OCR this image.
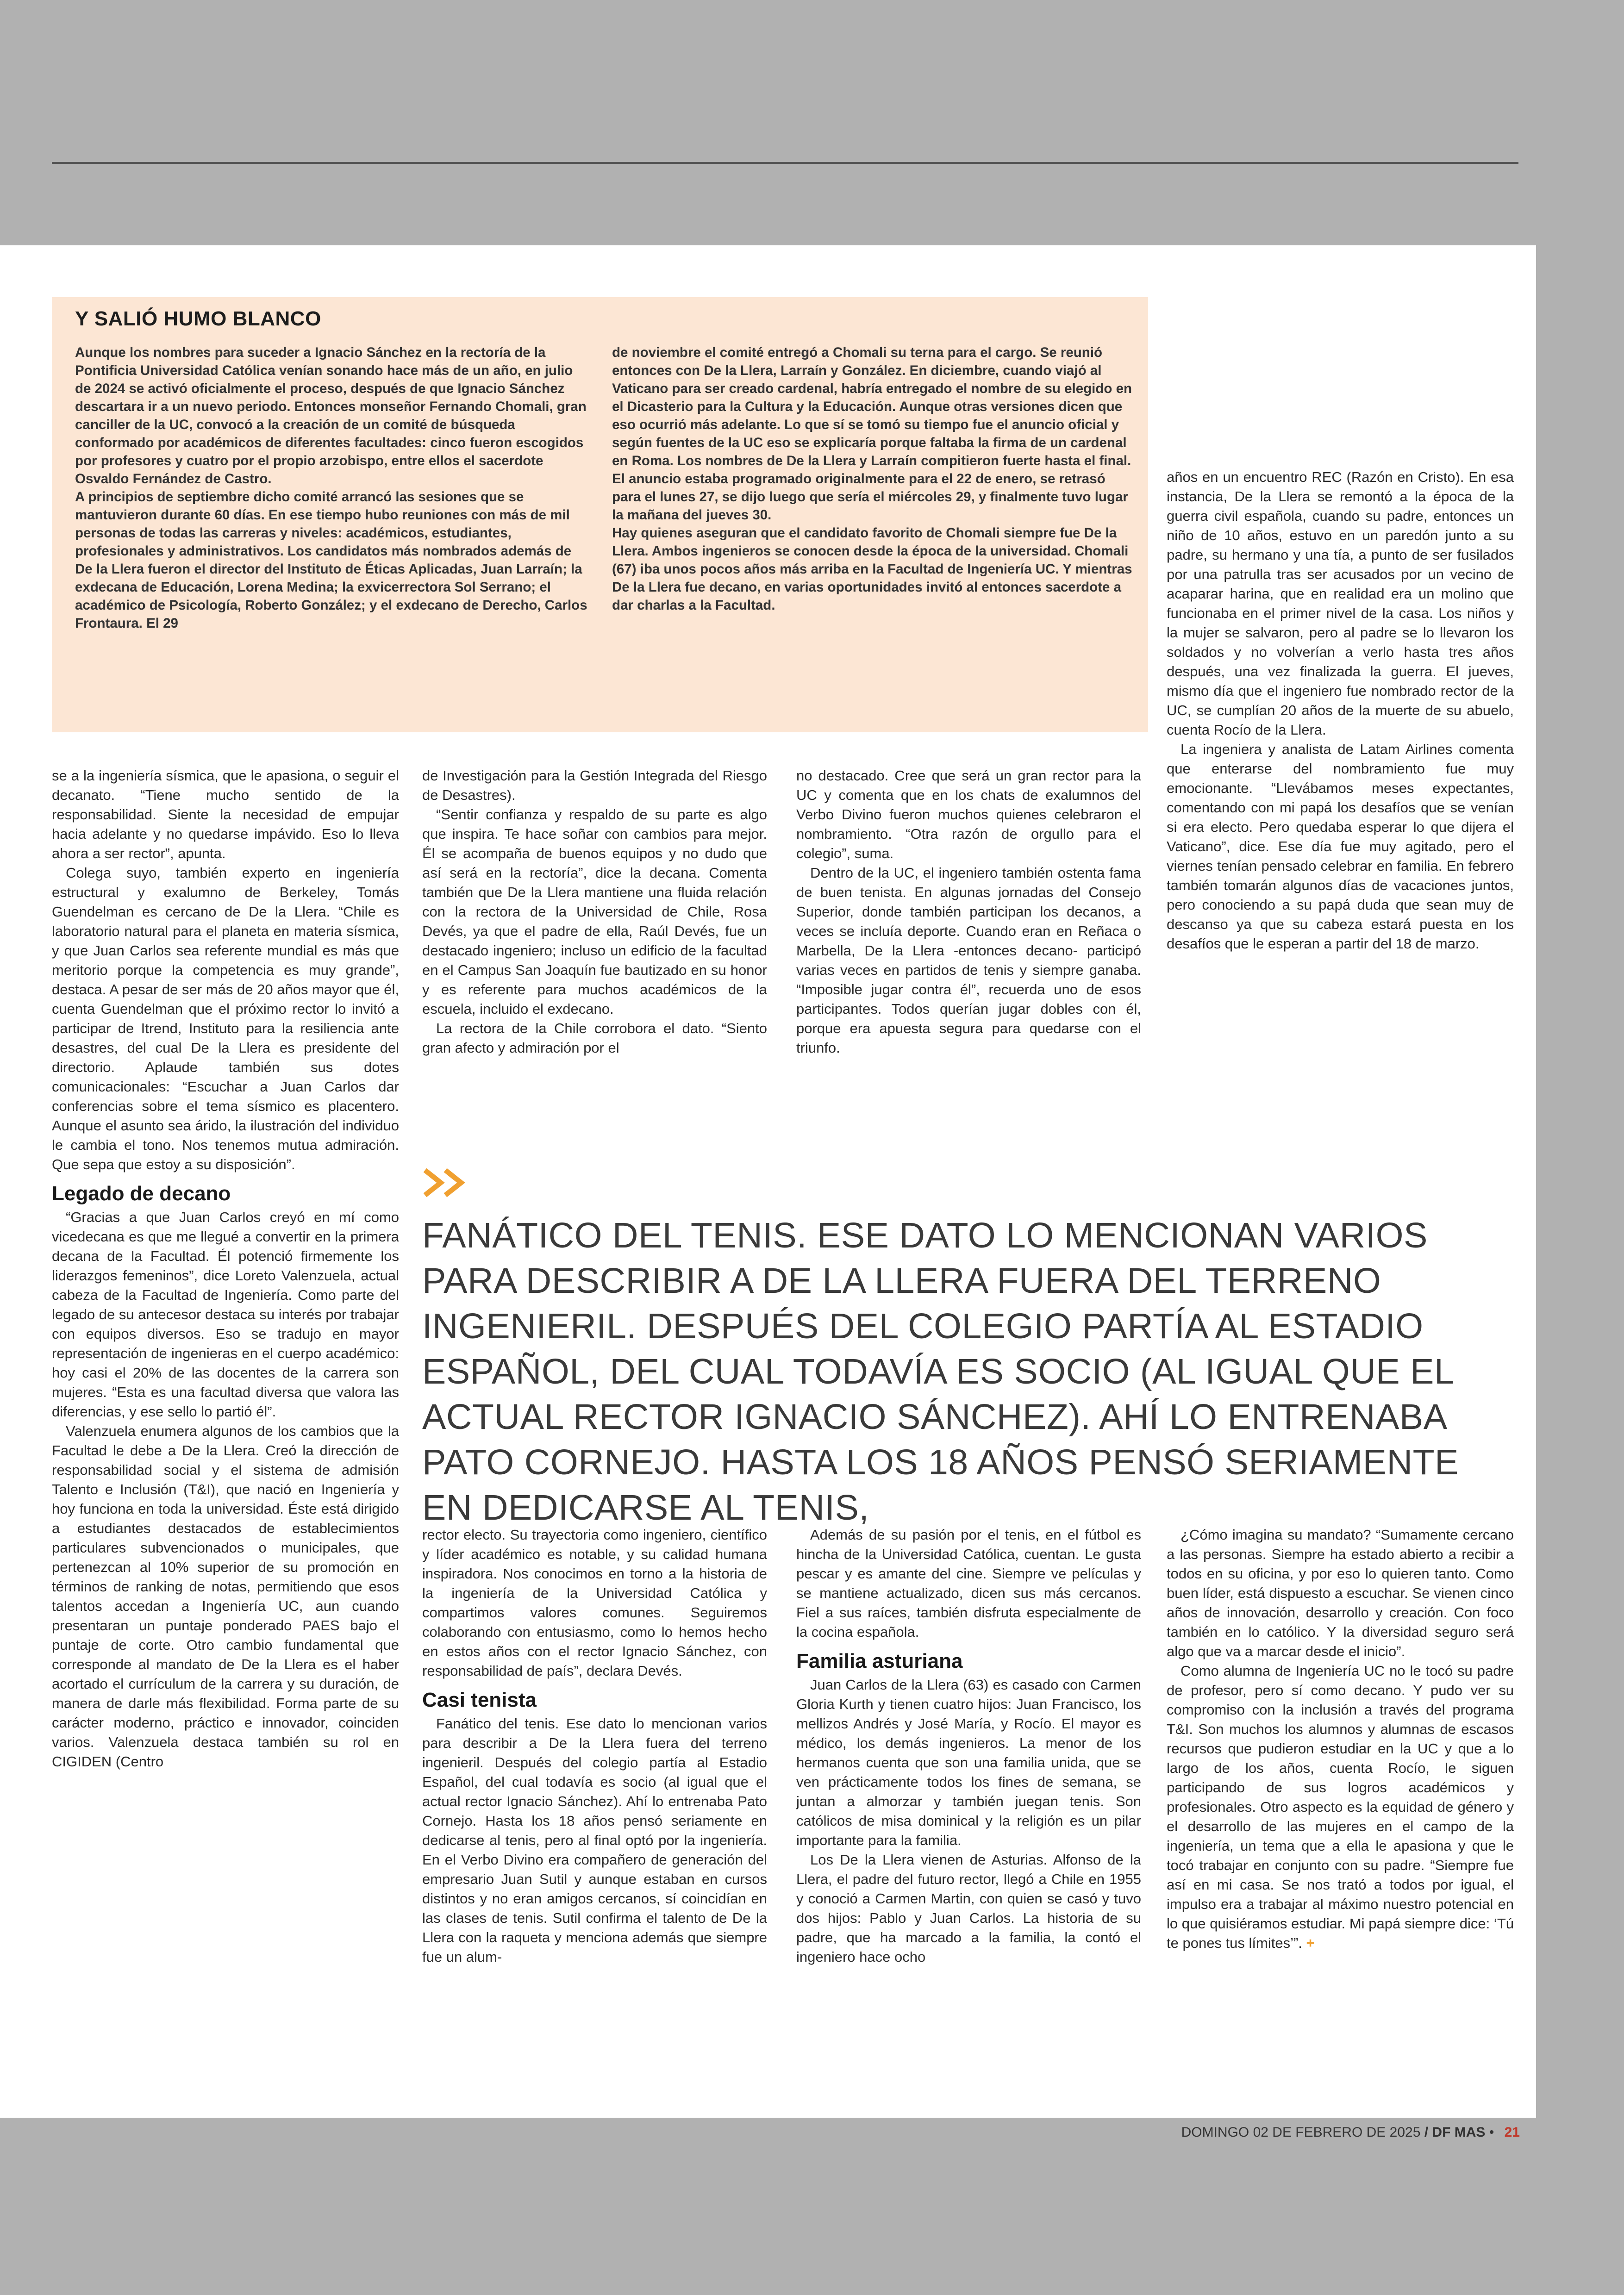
Y SALIÓ HUMO BLANCO

Aunque los nombres para suceder a Ignacio Sánchez en la rectoría de la Pontificia Universidad Católica venían sonando hace más de un año, en julio de 2024 se activó oficialmente el proceso, después de que Ignacio Sánchez descartara ir a un nuevo periodo. Entonces monseñor Fernando Chomali, gran canciller de la UC, convocó a la creación de un comité de búsqueda conformado por académicos de diferentes facultades: cinco fueron escogidos por profesores y cuatro por el propio arzobispo, entre ellos el sacerdote Osvaldo Fernández de Castro.

A principios de septiembre dicho comité arrancó las sesiones que se mantuvieron durante 60 días. En ese tiempo hubo reuniones con más de mil personas de todas las carreras y niveles: académicos, estudiantes, profesionales y administrativos. Los candidatos más nombrados además de De la Llera fueron el director del Instituto de Éticas Aplicadas, Juan Larraín; la exdecana de Educación, Lorena Medina; la exvicerrectora Sol Serrano; el académico de Psicología, Roberto González; y el exdecano de Derecho, Carlos Frontaura. El 29

de noviembre el comité entregó a Chomali su terna para el cargo. Se reunió entonces con De la Llera, Larraín y González. En diciembre, cuando viajó al Vaticano para ser creado cardenal, habría entregado el nombre de su elegido en el Dicasterio para la Cultura y la Educación. Aunque otras versiones dicen que eso ocurrió más adelante. Lo que sí se tomó su tiempo fue el anuncio oficial y según fuentes de la UC eso se explicaría porque faltaba la firma de un cardenal en Roma. Los nombres de De la Llera y Larraín compitieron fuerte hasta el final.

El anuncio estaba programado originalmente para el 22 de enero, se retrasó para el lunes 27, se dijo luego que sería el miércoles 29, y finalmente tuvo lugar la mañana del jueves 30.

Hay quienes aseguran que el candidato favorito de Chomali siempre fue De la Llera. Ambos ingenieros se conocen desde la época de la universidad. Chomali (67) iba unos pocos años más arriba en la Facultad de Ingeniería UC. Y mientras De la Llera fue decano, en varias oportunidades invitó al entonces sacerdote a dar charlas a la Facultad.

se a la ingeniería sísmica, que le apasiona, o seguir el decanato. “Tiene mucho sentido de la responsabilidad. Siente la necesidad de empujar hacia adelante y no quedarse impávido. Eso lo lleva ahora a ser rector”, apunta.

Colega suyo, también experto en ingeniería estructural y exalumno de Berkeley, Tomás Guendelman es cercano de De la Llera. “Chile es laboratorio natural para el planeta en materia sísmica, y que Juan Carlos sea referente mundial es más que meritorio porque la competencia es muy grande”, destaca. A pesar de ser más de 20 años mayor que él, cuenta Guendelman que el próximo rector lo invitó a participar de Itrend, Instituto para la resiliencia ante desastres, del cual De la Llera es presidente del directorio. Aplaude también sus dotes comunicacionales: “Escuchar a Juan Carlos dar conferencias sobre el tema sísmico es placentero. Aunque el asunto sea árido, la ilustración del individuo le cambia el tono. Nos tenemos mutua admiración. Que sepa que estoy a su disposición”.

Legado de decano

“Gracias a que Juan Carlos creyó en mí como vicedecana es que me llegué a convertir en la primera decana de la Facultad. Él potenció firmemente los liderazgos femeninos”, dice Loreto Valenzuela, actual cabeza de la Facultad de Ingeniería. Como parte del legado de su antecesor destaca su interés por trabajar con equipos diversos. Eso se tradujo en mayor representación de ingenieras en el cuerpo académico: hoy casi el 20% de las docentes de la carrera son mujeres. “Esta es una facultad diversa que valora las diferencias, y ese sello lo partió él”.

Valenzuela enumera algunos de los cambios que la Facultad le debe a De la Llera. Creó la dirección de responsabilidad social y el sistema de admisión Talento e Inclusión (T&I), que nació en Ingeniería y hoy funciona en toda la universidad. Éste está dirigido a estudiantes destacados de establecimientos particulares subvencionados o municipales, que pertenezcan al 10% superior de su promoción en términos de ranking de notas, permitiendo que esos talentos accedan a Ingeniería UC, aun cuando presentaran un puntaje ponderado PAES bajo el puntaje de corte. Otro cambio fundamental que corresponde al mandato de De la Llera es el haber acortado el currículum de la carrera y su duración, de manera de darle más flexibilidad. Forma parte de su carácter moderno, práctico e innovador, coinciden varios. Valenzuela destaca también su rol en CIGIDEN (Centro

de Investigación para la Gestión Integrada del Riesgo de Desastres).

“Sentir confianza y respaldo de su parte es algo que inspira. Te hace soñar con cambios para mejor. Él se acompaña de buenos equipos y no dudo que así será en la rectoría”, dice la decana. Comenta también que De la Llera mantiene una fluida relación con la rectora de la Universidad de Chile, Rosa Devés, ya que el padre de ella, Raúl Devés, fue un destacado ingeniero; incluso un edificio de la facultad en el Campus San Joaquín fue bautizado en su honor y es referente para muchos académicos de la escuela, incluido el exdecano.

La rectora de la Chile corrobora el dato. “Siento gran afecto y admiración por el

no destacado. Cree que será un gran rector para la UC y comenta que en los chats de exalumnos del Verbo Divino fueron muchos quienes celebraron el nombramiento. “Otra razón de orgullo para el colegio”, suma.

Dentro de la UC, el ingeniero también ostenta fama de buen tenista. En algunas jornadas del Consejo Superior, donde también participan los decanos, a veces se incluía deporte. Cuando eran en Reñaca o Marbella, De la Llera -entonces decano- participó varias veces en partidos de tenis y siempre ganaba. “Imposible jugar contra él”, recuerda uno de esos participantes. Todos querían jugar dobles con él, porque era apuesta segura para quedarse con el triunfo.

años en un encuentro REC (Razón en Cristo). En esa instancia, De la Llera se remontó a la época de la guerra civil española, cuando su padre, entonces un niño de 10 años, estuvo en un paredón junto a su padre, su hermano y una tía, a punto de ser fusilados por una patrulla tras ser acusados por un vecino de acaparar harina, que en realidad era un molino que funcionaba en el primer nivel de la casa. Los niños y la mujer se salvaron, pero al padre se lo llevaron los soldados y no volverían a verlo hasta tres años después, una vez finalizada la guerra. El jueves, mismo día que el ingeniero fue nombrado rector de la UC, se cumplían 20 años de la muerte de su abuelo, cuenta Rocío de la Llera.

La ingeniera y analista de Latam Airlines comenta que enterarse del nombramiento fue muy emocionante. “Llevábamos meses expectantes, comentando con mi papá los desafíos que se venían si era electo. Pero quedaba esperar lo que dijera el Vaticano”, dice. Ese día fue muy agitado, pero el viernes tenían pensado celebrar en familia. En febrero también tomarán algunos días de vacaciones juntos, pero conociendo a su papá duda que sean muy de descanso ya que su cabeza estará puesta en los desafíos que le esperan a partir del 18 de marzo.

FANÁTICO DEL TENIS. ESE DATO LO MENCIONAN VARIOS PARA DESCRIBIR A DE LA LLERA FUERA DEL TERRENO INGENIERIL. DESPUÉS DEL COLEGIO PARTÍA AL ESTADIO ESPAÑOL, DEL CUAL TODAVÍA ES SOCIO (AL IGUAL QUE EL ACTUAL RECTOR IGNACIO SÁNCHEZ). AHÍ LO ENTRENABA PATO CORNEJO. HASTA LOS 18 AÑOS PENSÓ SERIAMENTE EN DEDICARSE AL TENIS,

rector electo. Su trayectoria como ingeniero, científico y líder académico es notable, y su calidad humana inspiradora. Nos conocimos en torno a la historia de la ingeniería de la Universidad Católica y compartimos valores comunes. Seguiremos colaborando con entusiasmo, como lo hemos hecho en estos años con el rector Ignacio Sánchez, con responsabilidad de país”, declara Devés.

Casi tenista

Fanático del tenis. Ese dato lo mencionan varios para describir a De la Llera fuera del terreno ingenieril. Después del colegio partía al Estadio Español, del cual todavía es socio (al igual que el actual rector Ignacio Sánchez). Ahí lo entrenaba Pato Cornejo. Hasta los 18 años pensó seriamente en dedicarse al tenis, pero al final optó por la ingeniería. En el Verbo Divino era compañero de generación del empresario Juan Sutil y aunque estaban en cursos distintos y no eran amigos cercanos, sí coincidían en las clases de tenis. Sutil confirma el talento de De la Llera con la raqueta y menciona además que siempre fue un alum-

Además de su pasión por el tenis, en el fútbol es hincha de la Universidad Católica, cuentan. Le gusta pescar y es amante del cine. Siempre ve películas y se mantiene actualizado, dicen sus más cercanos. Fiel a sus raíces, también disfruta especialmente de la cocina española.

Familia asturiana

Juan Carlos de la Llera (63) es casado con Carmen Gloria Kurth y tienen cuatro hijos: Juan Francisco, los mellizos Andrés y José María, y Rocío. El mayor es médico, los demás ingenieros. La menor de los hermanos cuenta que son una familia unida, que se ven prácticamente todos los fines de semana, se juntan a almorzar y también juegan tenis. Son católicos de misa dominical y la religión es un pilar importante para la familia.

Los De la Llera vienen de Asturias. Alfonso de la Llera, el padre del futuro rector, llegó a Chile en 1955 y conoció a Carmen Martin, con quien se casó y tuvo dos hijos: Pablo y Juan Carlos. La historia de su padre, que ha marcado a la familia, la contó el ingeniero hace ocho

¿Cómo imagina su mandato? “Sumamente cercano a las personas. Siempre ha estado abierto a recibir a todos en su oficina, y por eso lo quieren tanto. Como buen líder, está dispuesto a escuchar. Se vienen cinco años de innovación, desarrollo y creación. Con foco también en lo católico. Y la diversidad seguro será algo que va a marcar desde el inicio”.

Como alumna de Ingeniería UC no le tocó su padre de profesor, pero sí como decano. Y pudo ver su compromiso con la inclusión a través del programa T&I. Son muchos los alumnos y alumnas de escasos recursos que pudieron estudiar en la UC y que a lo largo de los años, cuenta Rocío, le siguen participando de sus logros académicos y profesionales. Otro aspecto es la equidad de género y el desarrollo de las mujeres en el campo de la ingeniería, un tema que a ella le apasiona y que le tocó trabajar en conjunto con su padre. “Siempre fue así en mi casa. Se nos trató a todos por igual, el impulso era a trabajar al máximo nuestro potencial en lo que quisiéramos estudiar. Mi papá siempre dice: ‘Tú te pones tus límites’”. +

DOMINGO 02 DE FEBRERO DE 2025 / DF MAS • 21
